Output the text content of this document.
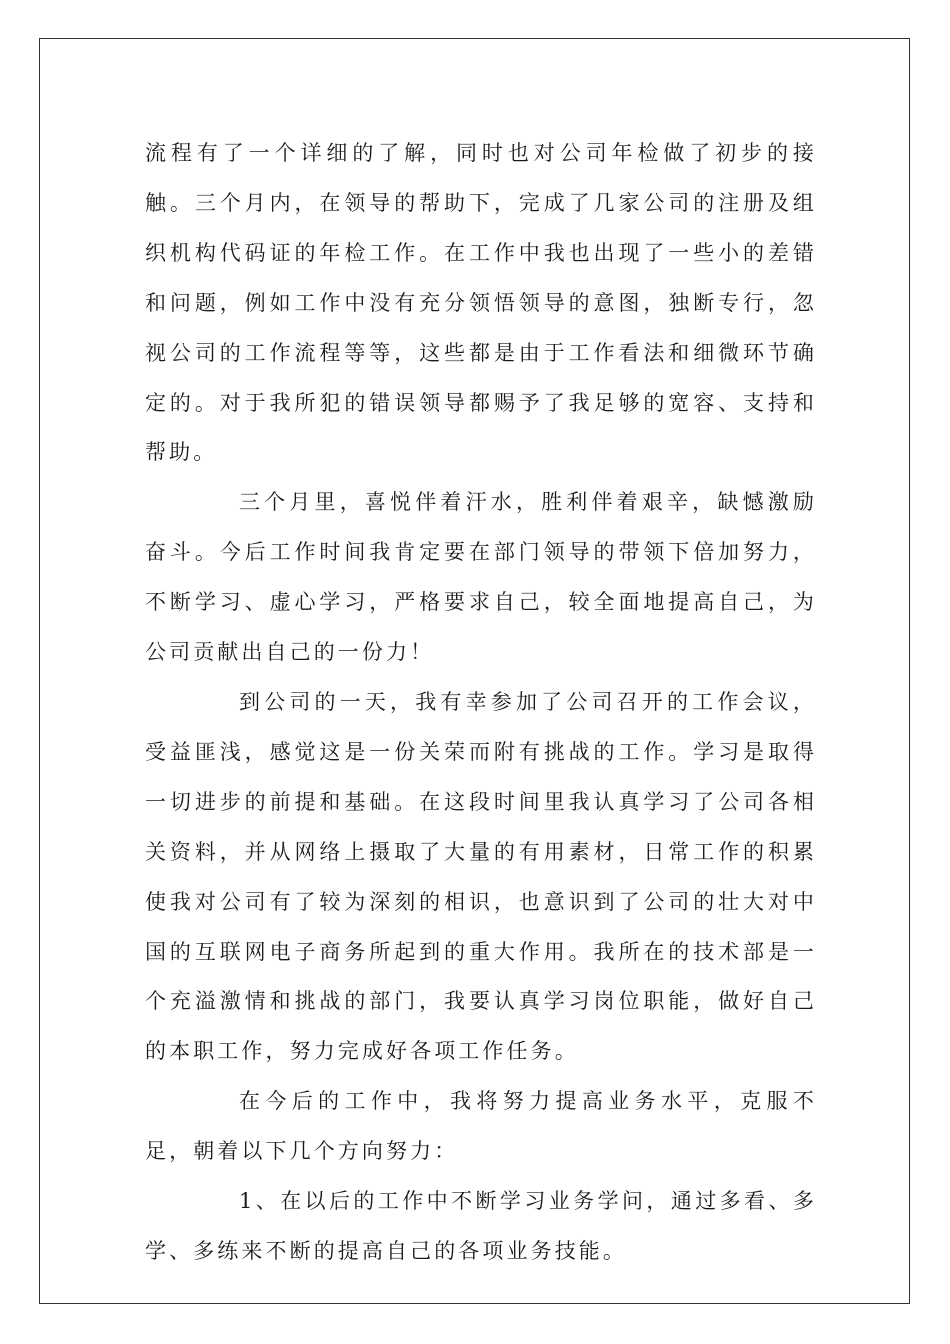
流程有了一个详细的了解，同时也对公司年检做了初步的接触。三个月内，在领导的帮助下，完成了几家公司的注册及组织机构代码证的年检工作。在工作中我也出现了一些小的差错和问题，例如工作中没有充分领悟领导的意图，独断专行，忽视公司的工作流程等等，这些都是由于工作看法和细微环节确定的。对于我所犯的错误领导都赐予了我足够的宽容、支持和帮助。

三个月里，喜悦伴着汗水，胜利伴着艰辛，缺憾激励奋斗。今后工作时间我肯定要在部门领导的带领下倍加努力，不断学习、虚心学习，严格要求自己，较全面地提高自己，为公司贡献出自己的一份力！

到公司的一天，我有幸参加了公司召开的工作会议，受益匪浅，感觉这是一份关荣而附有挑战的工作。学习是取得一切进步的前提和基础。在这段时间里我认真学习了公司各相关资料，并从网络上摄取了大量的有用素材，日常工作的积累使我对公司有了较为深刻的相识，也意识到了公司的壮大对中国的互联网电子商务所起到的重大作用。我所在的技术部是一个充溢激情和挑战的部门，我要认真学习岗位职能，做好自己的本职工作，努力完成好各项工作任务。

在今后的工作中，我将努力提高业务水平，克服不足，朝着以下几个方向努力：

1、在以后的工作中不断学习业务学问，通过多看、多学、多练来不断的提高自己的各项业务技能。
